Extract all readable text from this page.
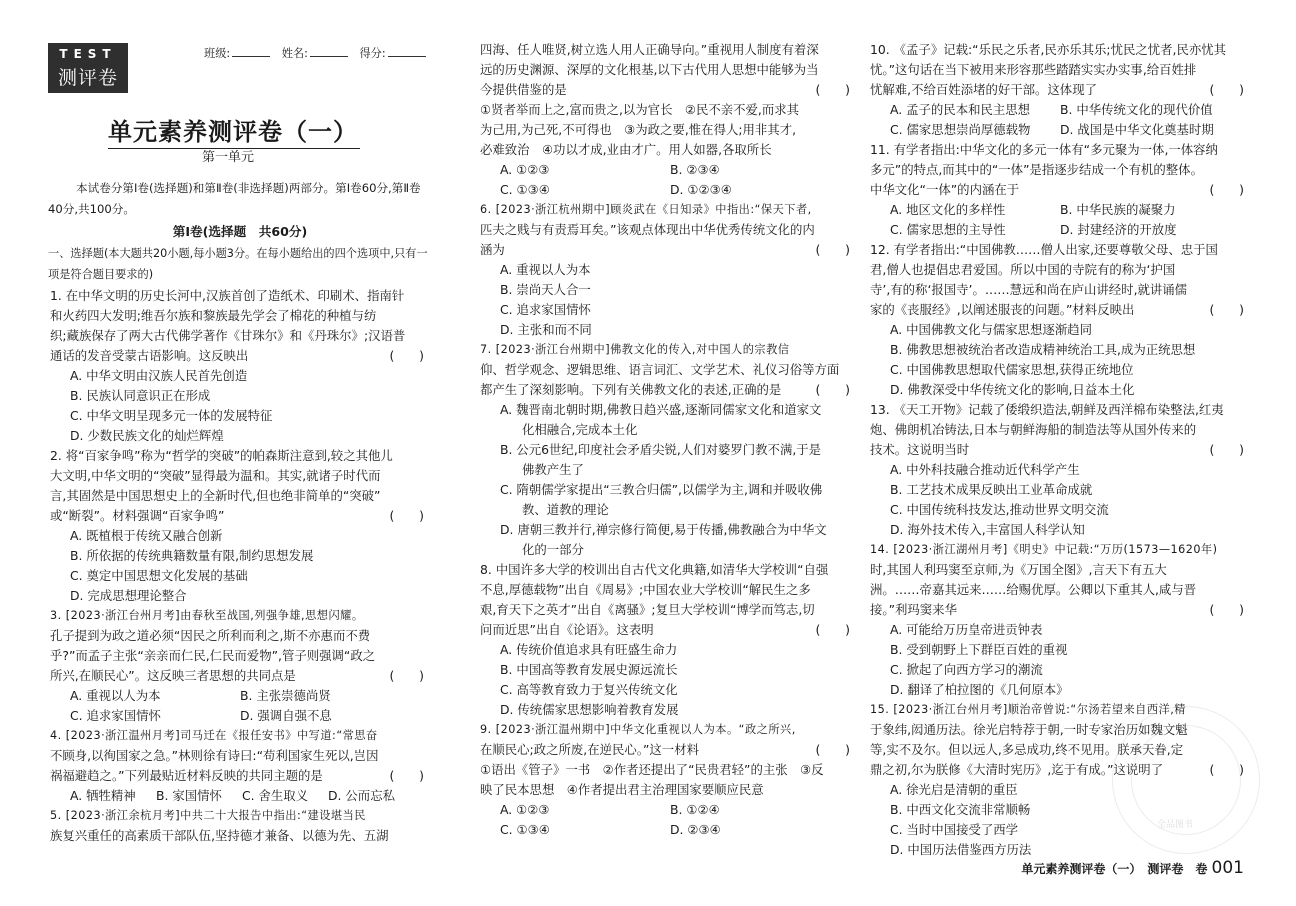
TEST
测评卷
班级:	姓名:	得分:
单元素养测评卷（一）
第一单元
本试卷分第Ⅰ卷(选择题)和第Ⅱ卷(非选择题)两部分。第Ⅰ卷60分,第Ⅱ卷40分,共100分。
第Ⅰ卷(选择题　共60分)
一、选择题(本大题共20小题,每小题3分。在每小题给出的四个选项中,只有一项是符合题目要求的)
1. 在中华文明的历史长河中,汉族首创了造纸术、印刷术、指南针
和火药四大发明;维吾尔族和黎族最先学会了棉花的种植与纺
织;藏族保存了两大古代佛学著作《甘珠尔》和《丹珠尔》;汉语普
通话的发音受蒙古语影响。这反映出	(　　)
A. 中华文明由汉族人民首先创造
B. 民族认同意识正在形成
C. 中华文明呈现多元一体的发展特征
D. 少数民族文化的灿烂辉煌
2. 将“百家争鸣”称为“哲学的突破”的帕森斯注意到,较之其他儿
大文明,中华文明的“突破”显得最为温和。其实,就诸子时代而
言,其固然是中国思想史上的全新时代,但也绝非简单的“突破”
或“断裂”。材料强调“百家争鸣”	(　　)
A. 既植根于传统又融合创新
B. 所依据的传统典籍数量有限,制约思想发展
C. 奠定中国思想文化发展的基础
D. 完成思想理论整合
3. [2023·浙江台州月考]由春秋至战国,列强争雄,思想闪耀。
孔子提到为政之道必须“因民之所利而利之,斯不亦惠而不费
乎?”而孟子主张“亲亲而仁民,仁民而爱物”,管子则强调“政之
所兴,在顺民心”。这反映三者思想的共同点是	(　　)
A. 重视以人为本	B. 主张崇德尚贤
C. 追求家国情怀	D. 强调自强不息
4. [2023·浙江温州月考]司马迁在《报任安书》中写道:“常思奋
不顾身,以徇国家之急。”林则徐有诗曰:“苟利国家生死以,岂因
祸福避趋之。”下列最贴近材料反映的共同主题的是	(　　)
A. 牺牲精神	B. 家国情怀	C. 舍生取义	D. 公而忘私
5. [2023·浙江余杭月考]中共二十大报告中指出:“建设堪当民
族复兴重任的高素质干部队伍,坚持德才兼备、以德为先、五湖
四海、任人唯贤,树立选人用人正确导向。”重视用人制度有着深
远的历史渊源、深厚的文化根基,以下古代用人思想中能够为当
今提供借鉴的是	(　　)
①贤者举而上之,富而贵之,以为官长　②民不亲不爱,而求其
为己用,为己死,不可得也　③为政之要,惟在得人;用非其才,
必难致治　④功以才成,业由才广。用人如器,各取所长
A. ①②③	B. ②③④
C. ①③④	D. ①②③④
6. [2023·浙江杭州期中]顾炎武在《日知录》中指出:“保天下者,
匹夫之贱与有责焉耳矣。”该观点体现出中华优秀传统文化的内
涵为	(　　)
A. 重视以人为本
B. 崇尚天人合一
C. 追求家国情怀
D. 主张和而不同
7. [2023·浙江台州期中]佛教文化的传入,对中国人的宗教信
仰、哲学观念、逻辑思维、语言词汇、文学艺术、礼仪习俗等方面
都产生了深刻影响。下列有关佛教文化的表述,正确的是	(　　)
A. 魏晋南北朝时期,佛教日趋兴盛,逐渐同儒家文化和道家文
化相融合,完成本土化
B. 公元6世纪,印度社会矛盾尖锐,人们对婆罗门教不满,于是
佛教产生了
C. 隋朝儒学家提出“三教合归儒”,以儒学为主,调和并吸收佛
教、道教的理论
D. 唐朝三教并行,禅宗修行简便,易于传播,佛教融合为中华文
化的一部分
8. 中国许多大学的校训出自古代文化典籍,如清华大学校训“自强
不息,厚德载物”出自《周易》;中国农业大学校训“解民生之多
艰,育天下之英才”出自《离骚》;复旦大学校训“博学而笃志,切
问而近思”出自《论语》。这表明	(　　)
A. 传统价值追求具有旺盛生命力
B. 中国高等教育发展史源远流长
C. 高等教育致力于复兴传统文化
D. 传统儒家思想影响着教育发展
9. [2023·浙江温州期中]中华文化重视以人为本。“政之所兴,
在顺民心;政之所废,在逆民心。”这一材料	(　　)
①语出《管子》一书　②作者还提出了“民贵君轻”的主张　③反
映了民本思想　④作者提出君主治理国家要顺应民意
A. ①②③	B. ①②④
C. ①③④	D. ②③④
10. 《孟子》记载:“乐民之乐者,民亦乐其乐;忧民之忧者,民亦忧其
忧。”这句话在当下被用来形容那些踏踏实实办实事,给百姓排
忧解难,不给百姓添堵的好干部。这体现了	(　　)
A. 孟子的民本和民主思想	B. 中华传统文化的现代价值
C. 儒家思想崇尚厚德载物	D. 战国是中华文化奠基时期
11. 有学者指出:中华文化的多元一体有“多元聚为一体,一体容纳
多元”的特点,而其中的“一体”是指逐步结成一个有机的整体。
中华文化“一体”的内涵在于	(　　)
A. 地区文化的多样性	B. 中华民族的凝聚力
C. 儒家思想的主导性	D. 封建经济的开放度
12. 有学者指出:“中国佛教……僧人出家,还要尊敬父母、忠于国
君,僧人也提倡忠君爱国。所以中国的寺院有的称为‘护国
寺’,有的称‘报国寺’。……慧远和尚在庐山讲经时,就讲诵儒
家的《丧服经》,以阐述服丧的问题。”材料反映出	(　　)
A. 中国佛教文化与儒家思想逐渐趋同
B. 佛教思想被统治者改造成精神统治工具,成为正统思想
C. 中国佛教思想取代儒家思想,获得正统地位
D. 佛教深受中华传统文化的影响,日益本土化
13. 《天工开物》记载了倭缎织造法,朝鲜及西洋棉布染整法,红夷
炮、佛朗机冶铸法,日本与朝鲜海船的制造法等从国外传来的
技术。这说明当时	(　　)
A. 中外科技融合推动近代科学产生
B. 工艺技术成果反映出工业革命成就
C. 中国传统科技发达,推动世界文明交流
D. 海外技术传入,丰富国人科学认知
14. [2023·浙江湖州月考]《明史》中记载:“万历(1573—1620年)
时,其国人利玛窦至京师,为《万国全图》,言天下有五大
洲。……帝嘉其远来……给赐优厚。公卿以下重其人,咸与晋
接。”利玛窦来华	(　　)
A. 可能给万历皇帝进贡钟表
B. 受到朝野上下群臣百姓的重视
C. 掀起了向西方学习的潮流
D. 翻译了柏拉图的《几何原本》
15. [2023·浙江台州月考]顺治帝曾说:“尔汤若望来自西洋,精
于象纬,闳通历法。徐光启特荐于朝,一时专家治历如魏文魁
等,实不及尔。但以远人,多忌成功,终不见用。朕承天眷,定
鼎之初,尔为朕修《大清时宪历》,迄于有成。”这说明了	(　　)
A. 徐光启是清朝的重臣
B. 中西文化交流非常顺畅
C. 当时中国接受了西学
D. 中国历法借鉴西方历法
全品图书
单元素养测评卷（一）　测评卷　卷 001
